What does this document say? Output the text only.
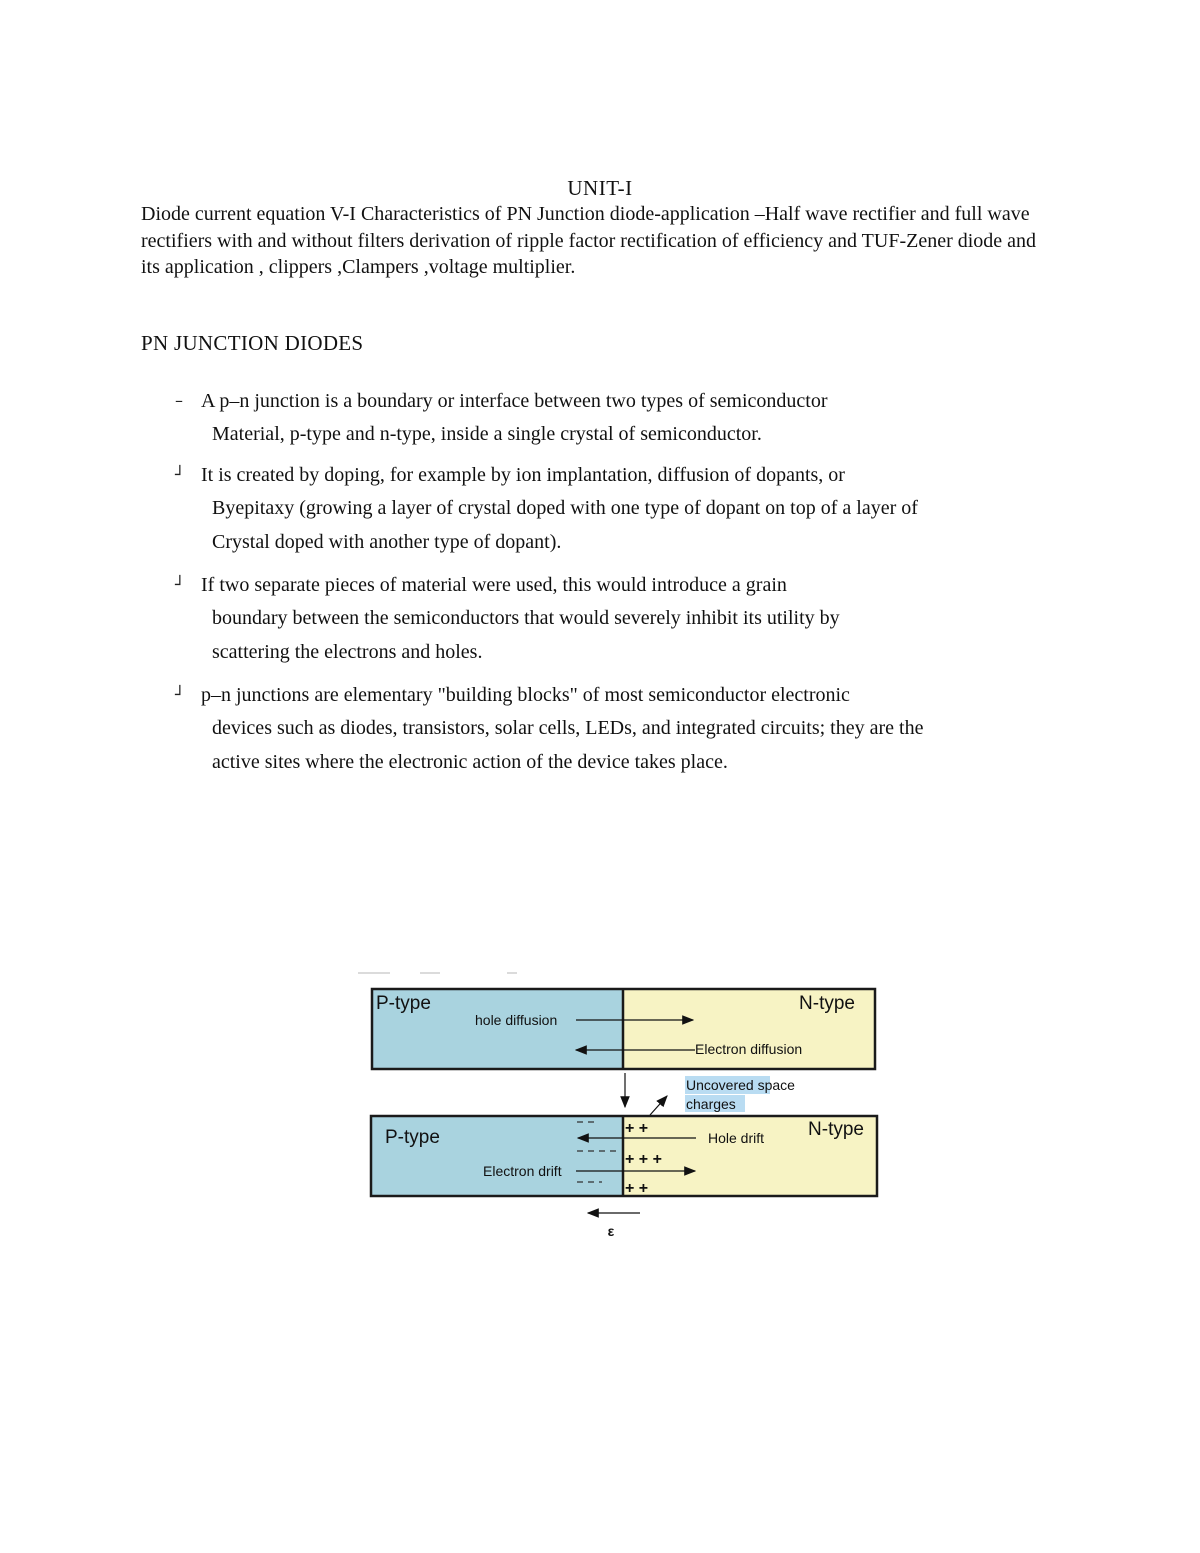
UNIT-I
Diode current equation V-I Characteristics of PN Junction diode-application –Half wave rectifier and full wave
rectifiers with and without filters derivation of ripple factor rectification of efficiency and TUF-Zener diode and
its application , clippers ,Clampers ,voltage multiplier.
PN JUNCTION DIODES
– A p–n junction is a boundary or interface between two types of semiconductor
Material, p-type and n-type, inside a single crystal of semiconductor.
┘ It is created by doping, for example by ion implantation, diffusion of dopants, or
Byepitaxy (growing a layer of crystal doped with one type of dopant on top of a layer of
Crystal doped with another type of dopant).
┘ If two separate pieces of material were used, this would introduce a grain
boundary between the semiconductors that would severely inhibit its utility by
scattering the electrons and holes.
┘ p–n junctions are elementary "building blocks" of most semiconductor electronic
devices such as diodes, transistors, solar cells, LEDs, and integrated circuits; they are the
active sites where the electronic action of the device takes place.
P-type	N-type
hole diffusion
Electron diffusion
Uncovered space
charges
P-type	N-type
+ +
+ + +
+ +
Hole drift
Electron drift
ε
